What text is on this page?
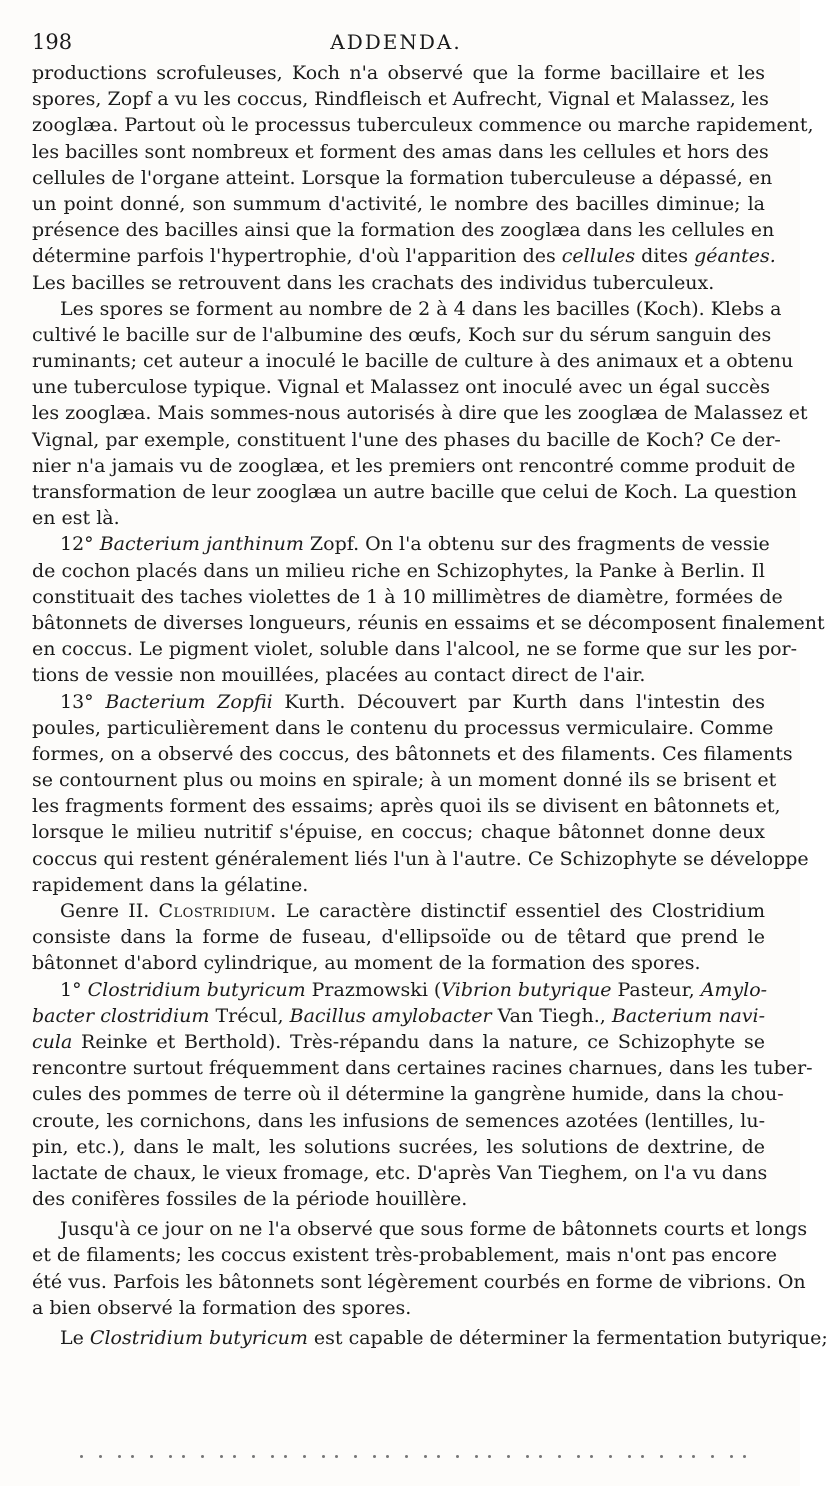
198	ADDENDA.
productions scrofuleuses, Koch n'a observé que la forme bacillaire et les
spores, Zopf a vu les coccus, Rindfleisch et Aufrecht, Vignal et Malassez, les
zooglæa. Partout où le processus tuberculeux commence ou marche rapidement,
les bacilles sont nombreux et forment des amas dans les cellules et hors des
cellules de l'organe atteint. Lorsque la formation tuberculeuse a dépassé, en
un point donné, son summum d'activité, le nombre des bacilles diminue; la
présence des bacilles ainsi que la formation des zooglæa dans les cellules en
détermine parfois l'hypertrophie, d'où l'apparition des cellules dites géantes.
Les bacilles se retrouvent dans les crachats des individus tuberculeux.
Les spores se forment au nombre de 2 à 4 dans les bacilles (Koch). Klebs a
cultivé le bacille sur de l'albumine des œufs, Koch sur du sérum sanguin des
ruminants; cet auteur a inoculé le bacille de culture à des animaux et a obtenu
une tuberculose typique. Vignal et Malassez ont inoculé avec un égal succès
les zooglæa. Mais sommes-nous autorisés à dire que les zooglæa de Malassez et
Vignal, par exemple, constituent l'une des phases du bacille de Koch? Ce der-
nier n'a jamais vu de zooglæa, et les premiers ont rencontré comme produit de
transformation de leur zooglæa un autre bacille que celui de Koch. La question
en est là.
12° Bacterium janthinum Zopf. On l'a obtenu sur des fragments de vessie
de cochon placés dans un milieu riche en Schizophytes, la Panke à Berlin. Il
constituait des taches violettes de 1 à 10 millimètres de diamètre, formées de
bâtonnets de diverses longueurs, réunis en essaims et se décomposent finalement
en coccus. Le pigment violet, soluble dans l'alcool, ne se forme que sur les por-
tions de vessie non mouillées, placées au contact direct de l'air.
13° Bacterium Zopfii Kurth. Découvert par Kurth dans l'intestin des
poules, particulièrement dans le contenu du processus vermiculaire. Comme
formes, on a observé des coccus, des bâtonnets et des filaments. Ces filaments
se contournent plus ou moins en spirale; à un moment donné ils se brisent et
les fragments forment des essaims; après quoi ils se divisent en bâtonnets et,
lorsque le milieu nutritif s'épuise, en coccus; chaque bâtonnet donne deux
coccus qui restent généralement liés l'un à l'autre. Ce Schizophyte se développe
rapidement dans la gélatine.
Genre II. Clostridium. Le caractère distinctif essentiel des Clostridium
consiste dans la forme de fuseau, d'ellipsoïde ou de têtard que prend le
bâtonnet d'abord cylindrique, au moment de la formation des spores.
1° Clostridium butyricum Prazmowski (Vibrion butyrique Pasteur, Amylo-
bacter clostridium Trécul, Bacillus amylobacter Van Tiegh., Bacterium navi-
cula Reinke et Berthold). Très-répandu dans la nature, ce Schizophyte se
rencontre surtout fréquemment dans certaines racines charnues, dans les tuber-
cules des pommes de terre où il détermine la gangrène humide, dans la chou-
croute, les cornichons, dans les infusions de semences azotées (lentilles, lu-
pin, etc.), dans le malt, les solutions sucrées, les solutions de dextrine, de
lactate de chaux, le vieux fromage, etc. D'après Van Tieghem, on l'a vu dans
des conifères fossiles de la période houillère.
Jusqu'à ce jour on ne l'a observé que sous forme de bâtonnets courts et longs
et de filaments; les coccus existent très-probablement, mais n'ont pas encore
été vus. Parfois les bâtonnets sont légèrement courbés en forme de vibrions. On
a bien observé la formation des spores.
Le Clostridium butyricum est capable de déterminer la fermentation butyrique;
